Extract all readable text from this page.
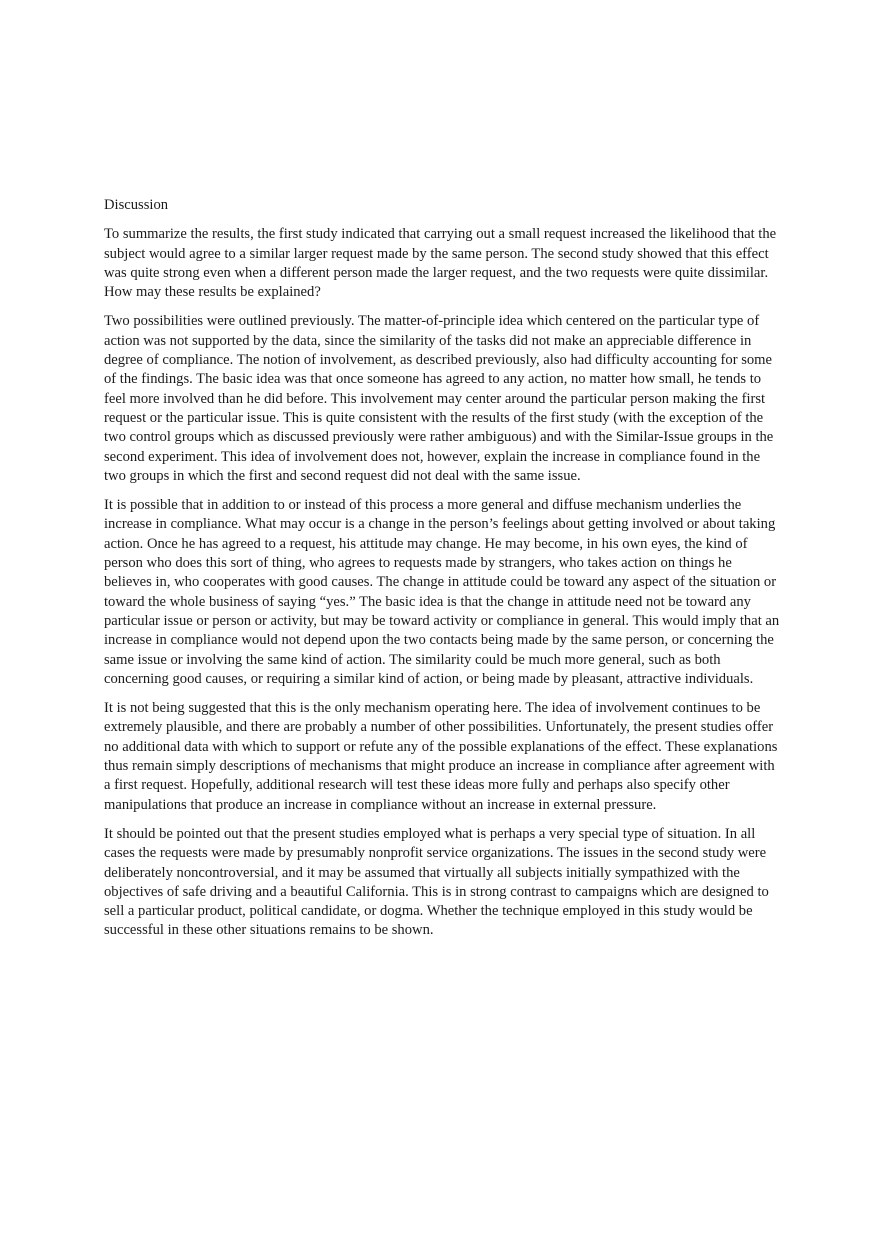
Discussion

To summarize the results, the first study indicated that carrying out a small request increased the likelihood that the subject would agree to a similar larger request made by the same person. The second study showed that this effect was quite strong even when a different person made the larger request, and the two requests were quite dissimilar. How may these results be explained?

Two possibilities were outlined previously. The matter-of-principle idea which centered on the particular type of action was not supported by the data, since the similarity of the tasks did not make an appreciable difference in degree of compliance. The notion of involvement, as described previously, also had difficulty accounting for some of the findings. The basic idea was that once someone has agreed to any action, no matter how small, he tends to feel more involved than he did before. This involvement may center around the particular person making the first request or the particular issue. This is quite consistent with the results of the first study (with the exception of the two control groups which as discussed previously were rather ambiguous) and with the Similar-Issue groups in the second experiment. This idea of involvement does not, however, explain the increase in compliance found in the two groups in which the first and second request did not deal with the same issue.

It is possible that in addition to or instead of this process a more general and diffuse mechanism underlies the increase in compliance. What may occur is a change in the person’s feelings about getting involved or about taking action. Once he has agreed to a request, his attitude may change. He may become, in his own eyes, the kind of person who does this sort of thing, who agrees to requests made by strangers, who takes action on things he believes in, who cooperates with good causes. The change in attitude could be toward any aspect of the situation or toward the whole business of saying “yes.” The basic idea is that the change in attitude need not be toward any particular issue or person or activity, but may be toward activity or compliance in general. This would imply that an increase in compliance would not depend upon the two contacts being made by the same person, or concerning the same issue or involving the same kind of action. The similarity could be much more general, such as both concerning good causes, or requiring a similar kind of action, or being made by pleasant, attractive individuals.

It is not being suggested that this is the only mechanism operating here. The idea of involvement continues to be extremely plausible, and there are probably a number of other possibilities. Unfortunately, the present studies offer no additional data with which to support or refute any of the possible explanations of the effect. These explanations thus remain simply descriptions of mechanisms that might produce an increase in compliance after agreement with a first request. Hopefully, additional research will test these ideas more fully and perhaps also specify other manipulations that produce an increase in compliance without an increase in external pressure.

It should be pointed out that the present studies employed what is perhaps a very special type of situation. In all cases the requests were made by presumably nonprofit service organizations. The issues in the second study were deliberately noncontroversial, and it may be assumed that virtually all subjects initially sympathized with the objectives of safe driving and a beautiful California. This is in strong contrast to campaigns which are designed to sell a particular product, political candidate, or dogma. Whether the technique employed in this study would be successful in these other situations remains to be shown.
